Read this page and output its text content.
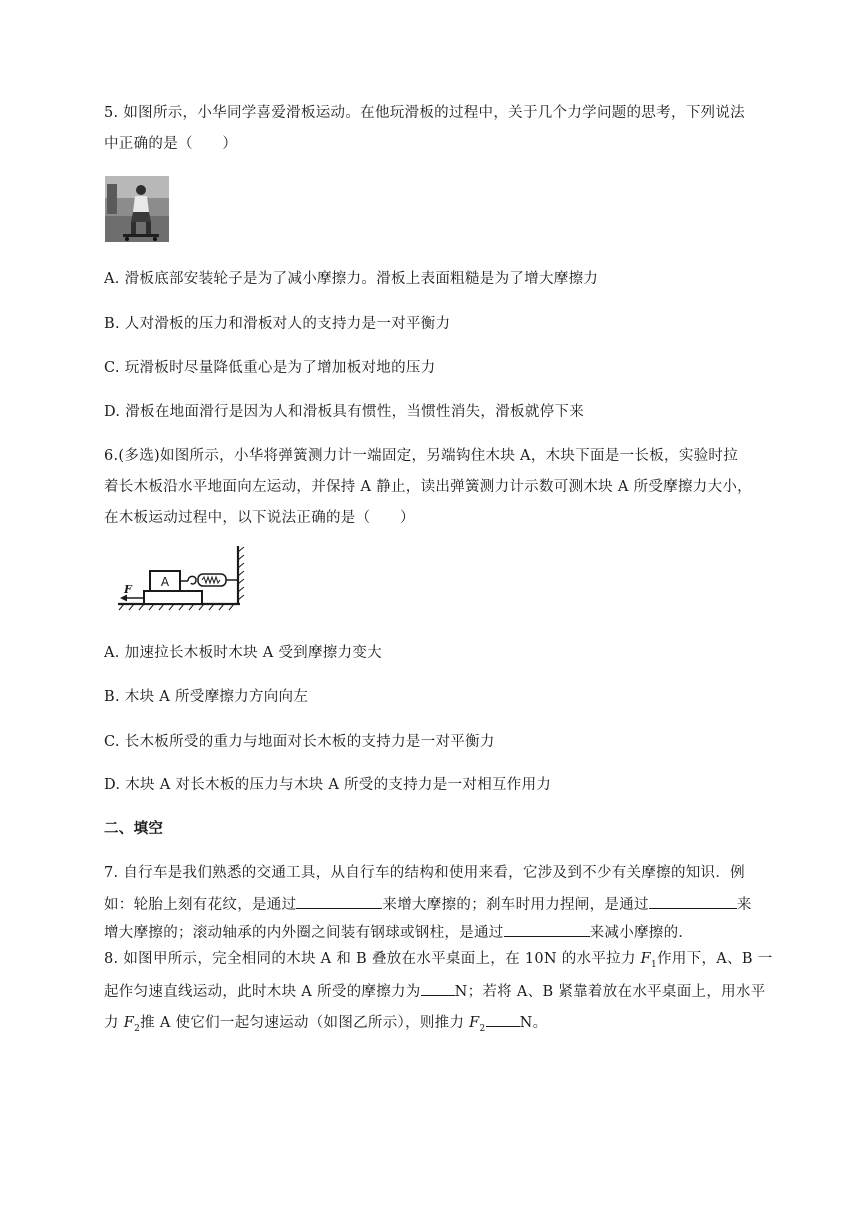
5. 如图所示，小华同学喜爱滑板运动。在他玩滑板的过程中，关于几个力学问题的思考，下列说法
中正确的是（　　）
A. 滑板底部安装轮子是为了减小摩擦力。滑板上表面粗糙是为了增大摩擦力
B. 人对滑板的压力和滑板对人的支持力是一对平衡力
C. 玩滑板时尽量降低重心是为了增加板对地的压力
D. 滑板在地面滑行是因为人和滑板具有惯性，当惯性消失，滑板就停下来
6.(多选)如图所示，小华将弹簧测力计一端固定，另端钩住木块 A，木块下面是一长板，实验时拉
着长木板沿水平地面向左运动，并保持 A 静止，读出弹簧测力计示数可测木块 A 所受摩擦力大小，
在木板运动过程中，以下说法正确的是（　　）
A
F
A. 加速拉长木板时木块 A 受到摩擦力变大
B. 木块 A 所受摩擦力方向向左
C. 长木板所受的重力与地面对长木板的支持力是一对平衡力
D. 木块 A 对长木板的压力与木块 A 所受的支持力是一对相互作用力
二、填空
7. 自行车是我们熟悉的交通工具，从自行车的结构和使用来看，它涉及到不少有关摩擦的知识．例
如：轮胎上刻有花纹，是通过	来增大摩擦的；刹车时用力捏闸，是通过	来
增大摩擦的；滚动轴承的内外圈之间装有钢球或钢柱，是通过	来减小摩擦的．
8. 如图甲所示，完全相同的木块 A 和 B 叠放在水平桌面上，在 10N 的水平拉力 $F_1$作用下，A、B 一
起作匀速直线运动，此时木块 A 所受的摩擦力为 N；若将 A、B 紧靠着放在水平桌面上，用水平
力 $F_2$推 A 使它们一起匀速运动（如图乙所示），则推力 $F_2$ N。
